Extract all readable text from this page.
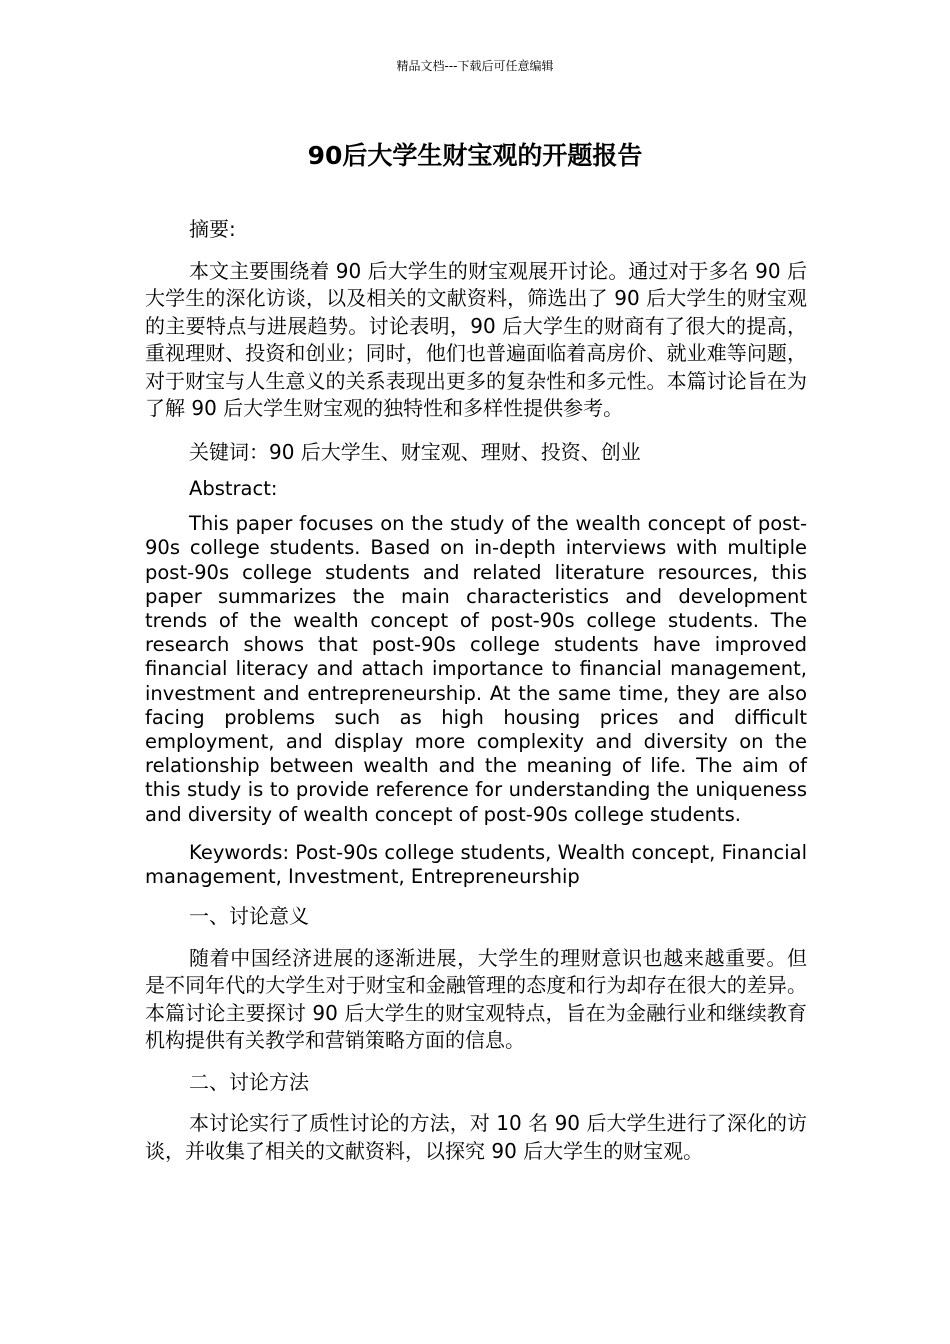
精品文档---下载后可任意编辑
90后大学生财宝观的开题报告

摘要:

本文主要围绕着 90 后大学生的财宝观展开讨论。通过对于多名 90 后大学生的深化访谈，以及相关的文献资料，筛选出了 90 后大学生的财宝观的主要特点与进展趋势。讨论表明，90 后大学生的财商有了很大的提高，重视理财、投资和创业；同时，他们也普遍面临着高房价、就业难等问题，对于财宝与人生意义的关系表现出更多的复杂性和多元性。本篇讨论旨在为了解 90 后大学生财宝观的独特性和多样性提供参考。

关键词：90 后大学生、财宝观、理财、投资、创业

Abstract:

This paper focuses on the study of the wealth concept of post-90s college students. Based on in-depth interviews with multiple post-90s college students and related literature resources, this paper summarizes the main characteristics and development trends of the wealth concept of post-90s college students. The research shows that post-90s college students have improved financial literacy and attach importance to financial management, investment and entrepreneurship. At the same time, they are also facing problems such as high housing prices and difficult employment, and display more complexity and diversity on the relationship between wealth and the meaning of life. The aim of this study is to provide reference for understanding the uniqueness and diversity of wealth concept of post-90s college students.

Keywords: Post-90s college students, Wealth concept, Financial management, Investment, Entrepreneurship

一、讨论意义

随着中国经济进展的逐渐进展，大学生的理财意识也越来越重要。但是不同年代的大学生对于财宝和金融管理的态度和行为却存在很大的差异。本篇讨论主要探讨 90 后大学生的财宝观特点，旨在为金融行业和继续教育机构提供有关教学和营销策略方面的信息。

二、讨论方法

本讨论实行了质性讨论的方法，对 10 名 90 后大学生进行了深化的访谈，并收集了相关的文献资料，以探究 90 后大学生的财宝观。
